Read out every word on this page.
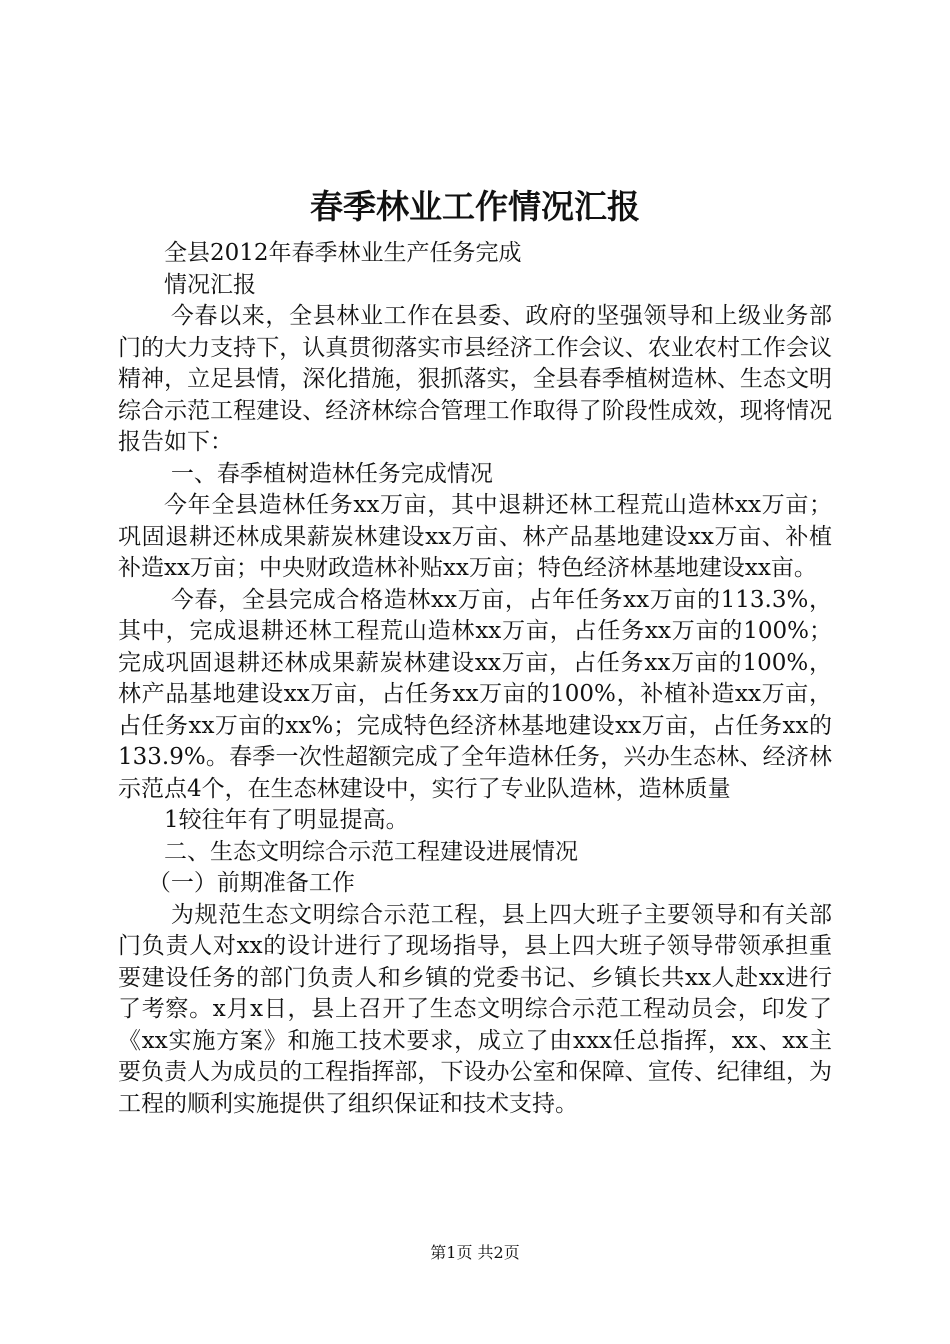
春季林业工作情况汇报

全县2012年春季林业生产任务完成

情况汇报

今春以来，全县林业工作在县委、政府的坚强领导和上级业务部门的大力支持下，认真贯彻落实市县经济工作会议、农业农村工作会议精神，立足县情，深化措施，狠抓落实，全县春季植树造林、生态文明综合示范工程建设、经济林综合管理工作取得了阶段性成效，现将情况报告如下：

一、春季植树造林任务完成情况

今年全县造林任务xx万亩，其中退耕还林工程荒山造林xx万亩；巩固退耕还林成果薪炭林建设xx万亩、林产品基地建设xx万亩、补植补造xx万亩；中央财政造林补贴xx万亩；特色经济林基地建设xx亩。

今春，全县完成合格造林xx万亩，占年任务xx万亩的113.3%，其中，完成退耕还林工程荒山造林xx万亩，占任务xx万亩的100%；完成巩固退耕还林成果薪炭林建设xx万亩，占任务xx万亩的100%，林产品基地建设xx万亩，占任务xx万亩的100%，补植补造xx万亩，占任务xx万亩的xx%；完成特色经济林基地建设xx万亩，占任务xx的133.9%。春季一次性超额完成了全年造林任务，兴办生态林、经济林示范点4个，在生态林建设中，实行了专业队造林，造林质量

1较往年有了明显提高。

二、生态文明综合示范工程建设进展情况

（一）前期准备工作

为规范生态文明综合示范工程，县上四大班子主要领导和有关部门负责人对xx的设计进行了现场指导，县上四大班子领导带领承担重要建设任务的部门负责人和乡镇的党委书记、乡镇长共xx人赴xx进行了考察。x月x日，县上召开了生态文明综合示范工程动员会，印发了《xx实施方案》和施工技术要求，成立了由xxx任总指挥，xx、xx主要负责人为成员的工程指挥部，下设办公室和保障、宣传、纪律组，为工程的顺利实施提供了组织保证和技术支持。

第1页 共2页
